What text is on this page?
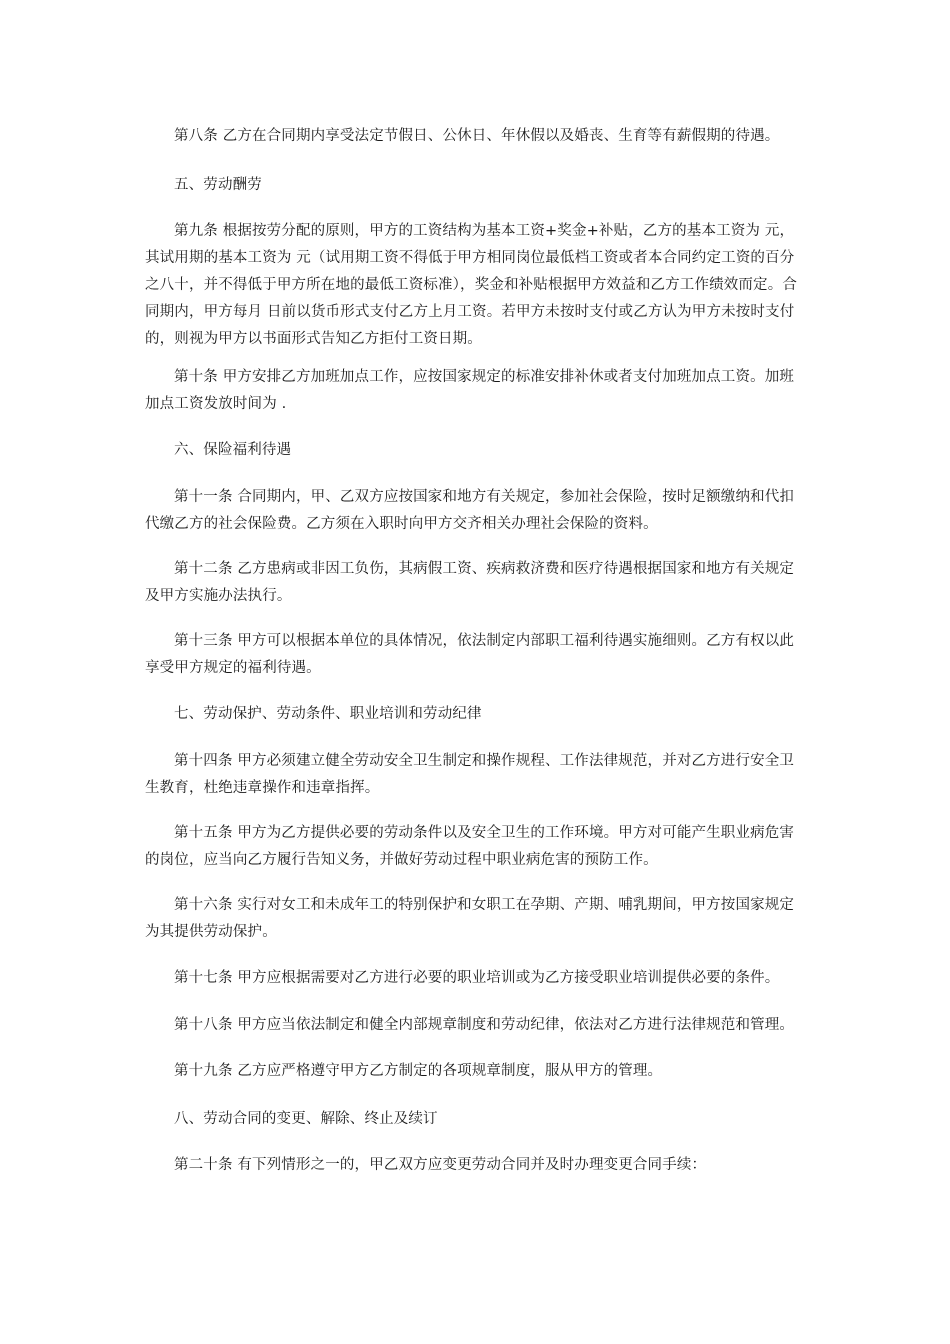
第八条 乙方在合同期内享受法定节假日、公休日、年休假以及婚丧、生育等有薪假期的待遇。

五、劳动酬劳

第九条 根据按劳分配的原则，甲方的工资结构为基本工资+奖金+补贴，乙方的基本工资为 元，其试用期的基本工资为 元（试用期工资不得低于甲方相同岗位最低档工资或者本合同约定工资的百分之八十，并不得低于甲方所在地的最低工资标准），奖金和补贴根据甲方效益和乙方工作绩效而定。合同期内，甲方每月 日前以货币形式支付乙方上月工资。若甲方未按时支付或乙方认为甲方未按时支付的，则视为甲方以书面形式告知乙方拒付工资日期。

第十条 甲方安排乙方加班加点工作，应按国家规定的标准安排补休或者支付加班加点工资。加班加点工资发放时间为 .

六、保险福利待遇

第十一条 合同期内，甲、乙双方应按国家和地方有关规定，参加社会保险，按时足额缴纳和代扣代缴乙方的社会保险费。乙方须在入职时向甲方交齐相关办理社会保险的资料。

第十二条 乙方患病或非因工负伤，其病假工资、疾病救济费和医疗待遇根据国家和地方有关规定及甲方实施办法执行。

第十三条 甲方可以根据本单位的具体情况，依法制定内部职工福利待遇实施细则。乙方有权以此享受甲方规定的福利待遇。

七、劳动保护、劳动条件、职业培训和劳动纪律

第十四条 甲方必须建立健全劳动安全卫生制定和操作规程、工作法律规范，并对乙方进行安全卫生教育，杜绝违章操作和违章指挥。

第十五条 甲方为乙方提供必要的劳动条件以及安全卫生的工作环境。甲方对可能产生职业病危害的岗位，应当向乙方履行告知义务，并做好劳动过程中职业病危害的预防工作。

第十六条 实行对女工和未成年工的特别保护和女职工在孕期、产期、哺乳期间，甲方按国家规定为其提供劳动保护。

第十七条 甲方应根据需要对乙方进行必要的职业培训或为乙方接受职业培训提供必要的条件。

第十八条 甲方应当依法制定和健全内部规章制度和劳动纪律，依法对乙方进行法律规范和管理。

第十九条 乙方应严格遵守甲方乙方制定的各项规章制度，服从甲方的管理。

八、劳动合同的变更、解除、终止及续订

第二十条 有下列情形之一的，甲乙双方应变更劳动合同并及时办理变更合同手续：
